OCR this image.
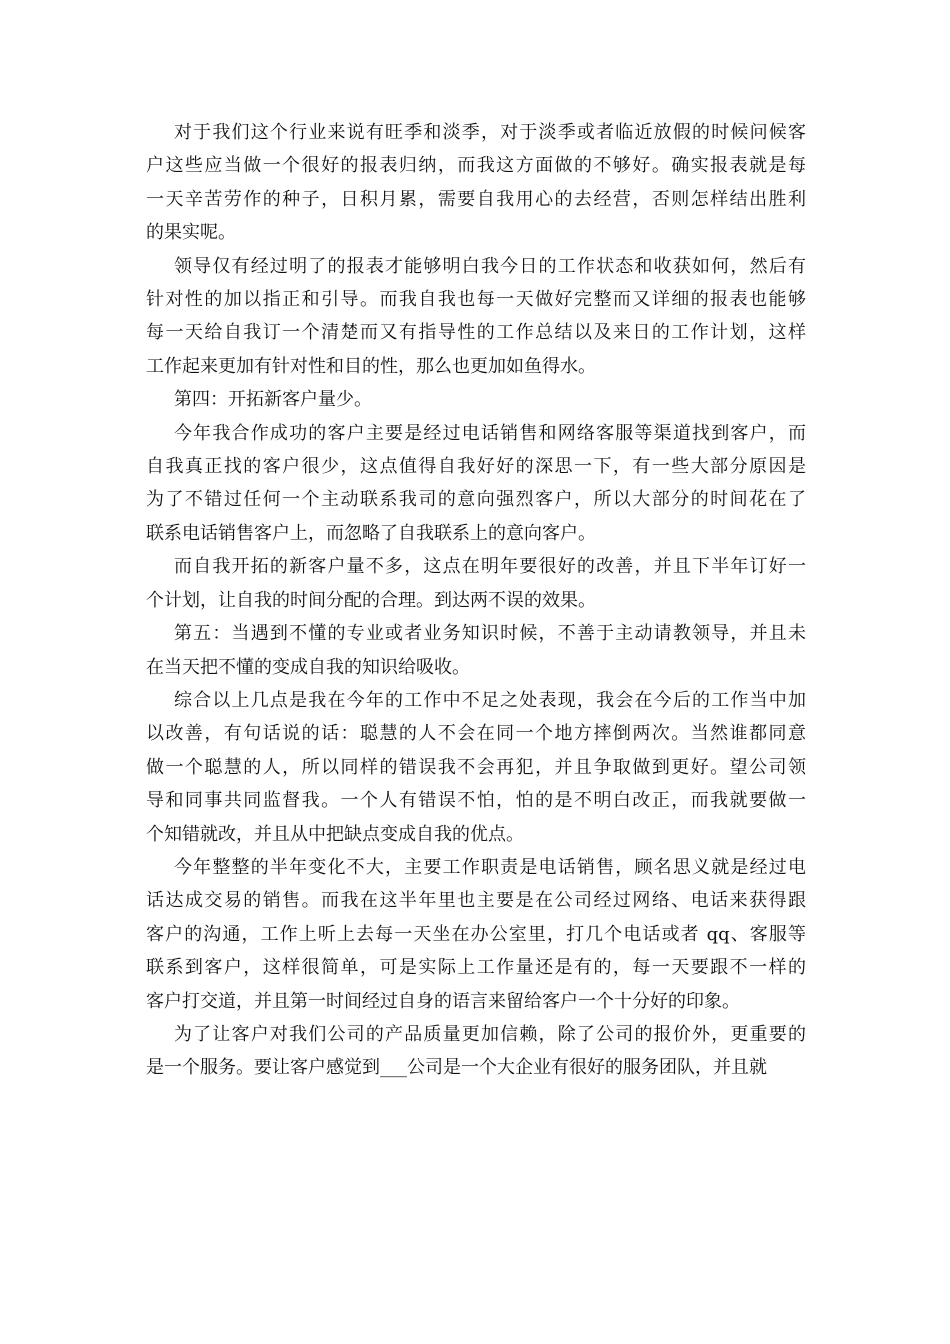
对于我们这个行业来说有旺季和淡季，对于淡季或者临近放假的时候问候客
户这些应当做一个很好的报表归纳，而我这方面做的不够好。确实报表就是每
一天辛苦劳作的种子，日积月累，需要自我用心的去经营，否则怎样结出胜利
的果实呢。
领导仅有经过明了的报表才能够明白我今日的工作状态和收获如何，然后有
针对性的加以指正和引导。而我自我也每一天做好完整而又详细的报表也能够
每一天给自我订一个清楚而又有指导性的工作总结以及来日的工作计划，这样
工作起来更加有针对性和目的性，那么也更加如鱼得水。
第四：开拓新客户量少。
今年我合作成功的客户主要是经过电话销售和网络客服等渠道找到客户，而
自我真正找的客户很少，这点值得自我好好的深思一下，有一些大部分原因是
为了不错过任何一个主动联系我司的意向强烈客户，所以大部分的时间花在了
联系电话销售客户上，而忽略了自我联系上的意向客户。
而自我开拓的新客户量不多，这点在明年要很好的改善，并且下半年订好一
个计划，让自我的时间分配的合理。到达两不误的效果。
第五：当遇到不懂的专业或者业务知识时候，不善于主动请教领导，并且未
在当天把不懂的变成自我的知识给吸收。
综合以上几点是我在今年的工作中不足之处表现，我会在今后的工作当中加
以改善，有句话说的话：聪慧的人不会在同一个地方摔倒两次。当然谁都同意
做一个聪慧的人，所以同样的错误我不会再犯，并且争取做到更好。望公司领
导和同事共同监督我。一个人有错误不怕，怕的是不明白改正，而我就要做一
个知错就改，并且从中把缺点变成自我的优点。
今年整整的半年变化不大，主要工作职责是电话销售，顾名思义就是经过电
话达成交易的销售。而我在这半年里也主要是在公司经过网络、电话来获得跟
客户的沟通，工作上听上去每一天坐在办公室里，打几个电话或者 qq、客服等
联系到客户，这样很简单，可是实际上工作量还是有的，每一天要跟不一样的
客户打交道，并且第一时间经过自身的语言来留给客户一个十分好的印象。
为了让客户对我们公司的产品质量更加信赖，除了公司的报价外，更重要的
是一个服务。要让客户感觉到___公司是一个大企业有很好的服务团队，并且就
